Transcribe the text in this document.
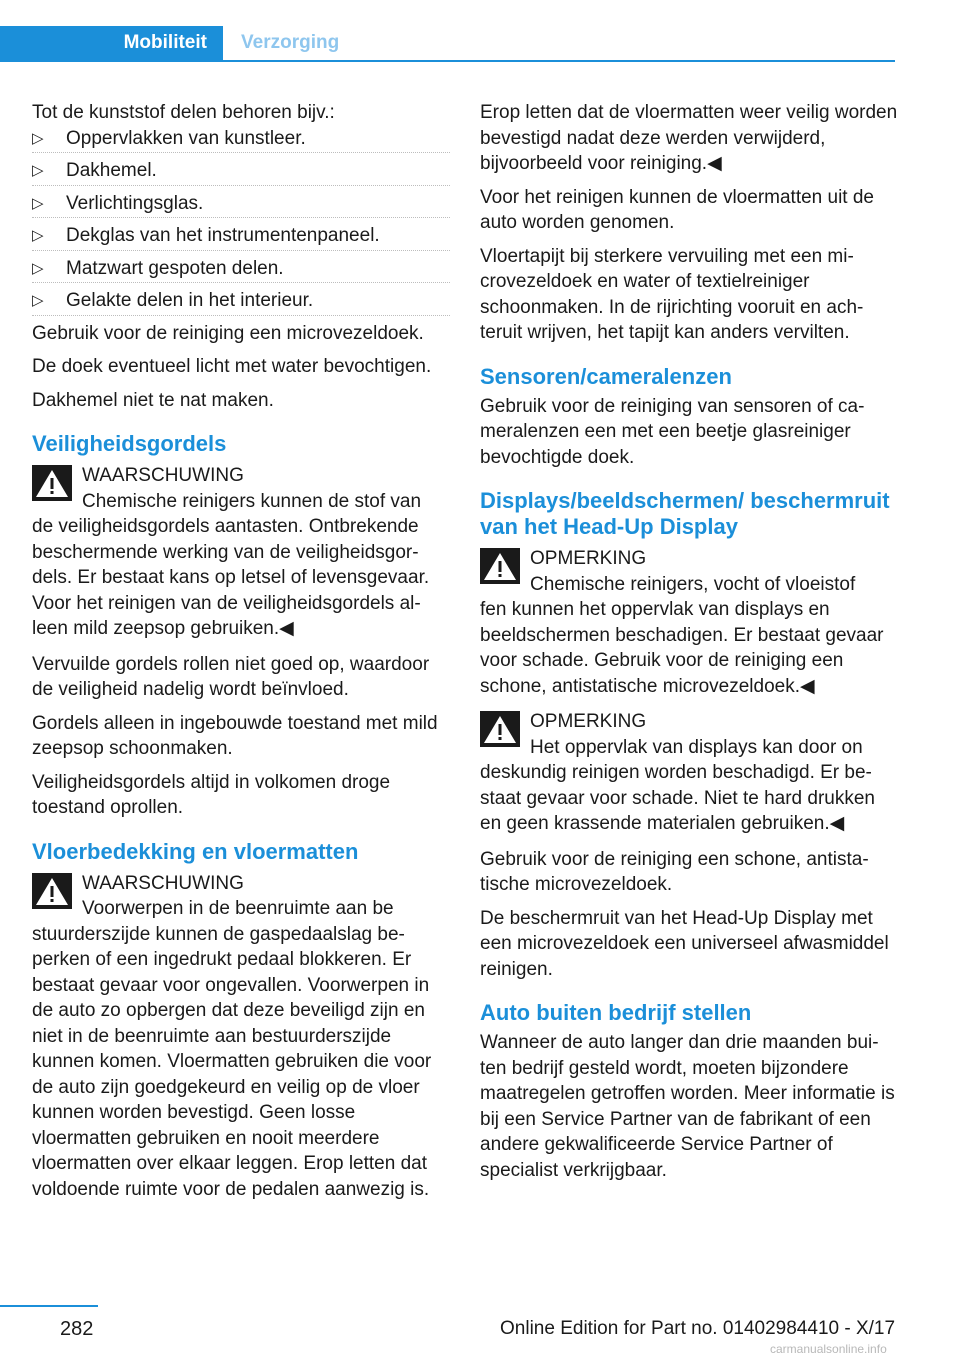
Mobiliteit Verzorging

Tot de kunststof delen behoren bijv.:

▷ Oppervlakken van kunstleer.
▷ Dakhemel.
▷ Verlichtingsglas.
▷ Dekglas van het instrumentenpaneel.
▷ Matzwart gespoten delen.
▷ Gelakte delen in het interieur.

Gebruik voor de reiniging een microvezeldoek.

De doek eventueel licht met water bevochtigen.

Dakhemel niet te nat maken.

Veiligheidsgordels
WAARSCHUWING
Chemische reinigers kunnen de stof van
de veiligheidsgordels aantasten. Ontbrekende beschermende werking van de veiligheidsgordels. Er bestaat kans op letsel of levensgevaar. Voor het reinigen van de veiligheidsgordels alleen mild zeepsop gebruiken.◀

Vervuilde gordels rollen niet goed op, waardoor de veiligheid nadelig wordt beïnvloed.

Gordels alleen in ingebouwde toestand met mild zeepsop schoonmaken.

Veiligheidsgordels altijd in volkomen droge toestand oprollen.

Vloerbedekking en vloermatten
WAARSCHUWING
Voorwerpen in de beenruimte aan be
stuurderszijde kunnen de gaspedaalslag beperken of een ingedrukt pedaal blokkeren. Er bestaat gevaar voor ongevallen. Voorwerpen in de auto zo opbergen dat deze beveiligd zijn en niet in de beenruimte aan bestuurderszijde kunnen komen. Vloermatten gebruiken die voor de auto zijn goedgekeurd en veilig op de vloer kunnen worden bevestigd. Geen losse vloermatten gebruiken en nooit meerdere vloermatten over elkaar leggen. Erop letten dat voldoende ruimte voor de pedalen aanwezig is.

Erop letten dat de vloermatten weer veilig worden bevestigd nadat deze werden verwijderd, bijvoorbeeld voor reiniging.◀

Voor het reinigen kunnen de vloermatten uit de auto worden genomen.

Vloertapijt bij sterkere vervuiling met een microvezeldoek en water of textielreiniger schoonmaken. In de rijrichting vooruit en achteruit wrijven, het tapijt kan anders vervilten.

Sensoren/cameralenzen

Gebruik voor de reiniging van sensoren of cameralenzen een met een beetje glasreiniger bevochtigde doek.

Displays/beeldschermen/ beschermruit van het Head-Up Display
OPMERKING
Chemische reinigers, vocht of vloeistof
fen kunnen het oppervlak van displays en beeldschermen beschadigen. Er bestaat gevaar voor schade. Gebruik voor de reiniging een schone, antistatische microvezeldoek.◀
OPMERKING
Het oppervlak van displays kan door on
deskundig reinigen worden beschadigd. Er bestaat gevaar voor schade. Niet te hard drukken en geen krassende materialen gebruiken.◀

Gebruik voor de reiniging een schone, antistatische microvezeldoek.

De beschermruit van het Head-Up Display met een microvezeldoek een universeel afwasmiddel reinigen.

Auto buiten bedrijf stellen

Wanneer de auto langer dan drie maanden buiten bedrijf gesteld wordt, moeten bijzondere maatregelen getroffen worden. Meer informatie is bij een Service Partner van de fabrikant of een andere gekwalificeerde Service Partner of specialist verkrijgbaar.

282	Online Edition for Part no. 01402984410 - X/17
carmanualsonline.info
